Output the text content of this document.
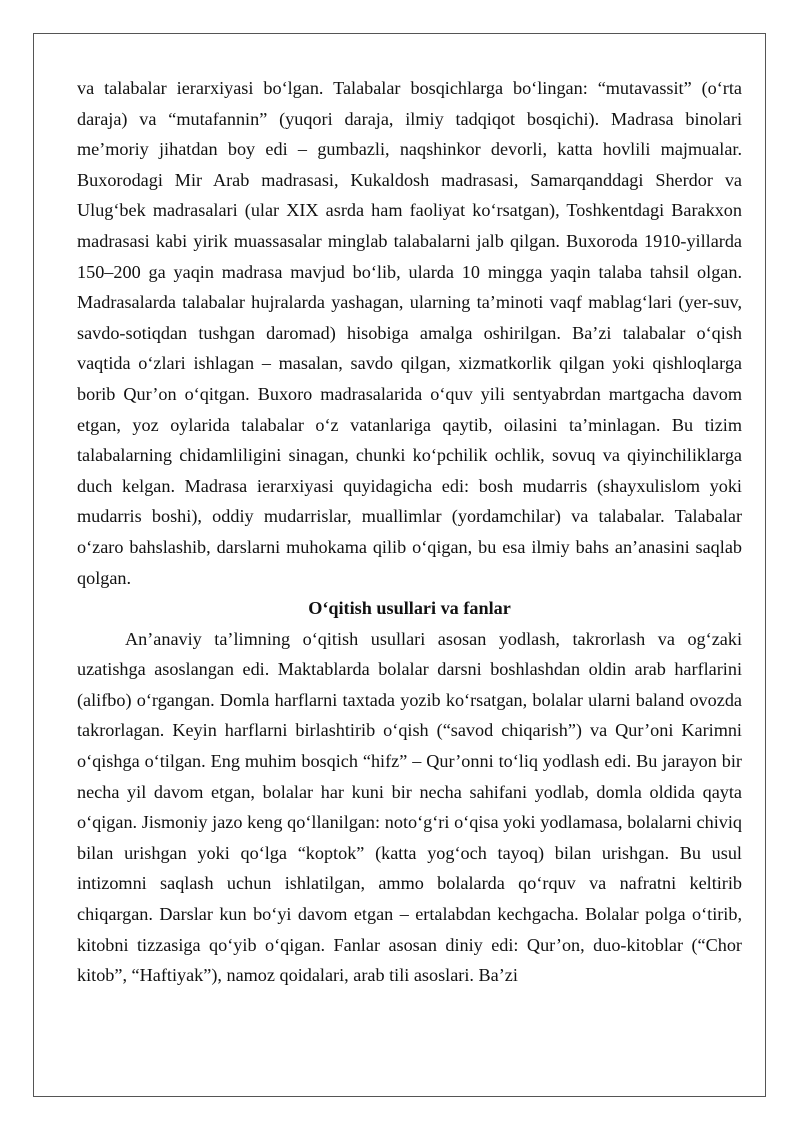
va talabalar ierarxiyasi bo‘lgan. Talabalar bosqichlarga bo‘lingan: “mutavassit” (o‘rta daraja) va “mutafannin” (yuqori daraja, ilmiy tadqiqot bosqichi). Madrasa binolari me’moriy jihatdan boy edi – gumbazli, naqshinkor devorli, katta hovlili majmualar. Buxorodagi Mir Arab madrasasi, Kukaldosh madrasasi, Samarqanddagi Sherdor va Ulug‘bek madrasalari (ular XIX asrda ham faoliyat ko‘rsatgan), Toshkentdagi Barakxon madrasasi kabi yirik muassasalar minglab talabalarni jalb qilgan. Buxoroda 1910-yillarda 150–200 ga yaqin madrasa mavjud bo‘lib, ularda 10 mingga yaqin talaba tahsil olgan. Madrasalarda talabalar hujralarda yashagan, ularning ta’minoti vaqf mablag‘lari (yer-suv, savdo-sotiqdan tushgan daromad) hisobiga amalga oshirilgan. Ba’zi talabalar o‘qish vaqtida o‘zlari ishlagan – masalan, savdo qilgan, xizmatkorlik qilgan yoki qishloqlarga borib Qur’on o‘qitgan. Buxoro madrasalarida o‘quv yili sentyabrdan martgacha davom etgan, yoz oylarida talabalar o‘z vatanlariga qaytib, oilasini ta’minlagan. Bu tizim talabalarning chidamliligini sinagan, chunki ko‘pchilik ochlik, sovuq va qiyinchiliklarga duch kelgan. Madrasa ierarxiyasi quyidagicha edi: bosh mudarris (shayxulislom yoki mudarris boshi), oddiy mudarrislar, muallimlar (yordamchilar) va talabalar. Talabalar o‘zaro bahslashib, darslarni muhokama qilib o‘qigan, bu esa ilmiy bahs an’anasini saqlab qolgan.

O‘qitish usullari va fanlar

An’anaviy ta’limning o‘qitish usullari asosan yodlash, takrorlash va og‘zaki uzatishga asoslangan edi. Maktablarda bolalar darsni boshlashdan oldin arab harflarini (alifbo) o‘rgangan. Domla harflarni taxtada yozib ko‘rsatgan, bolalar ularni baland ovozda takrorlagan. Keyin harflarni birlashtirib o‘qish (“savod chiqarish”) va Qur’oni Karimni o‘qishga o‘tilgan. Eng muhim bosqich “hifz” – Qur’onni to‘liq yodlash edi. Bu jarayon bir necha yil davom etgan, bolalar har kuni bir necha sahifani yodlab, domla oldida qayta o‘qigan. Jismoniy jazo keng qo‘llanilgan: noto‘g‘ri o‘qisa yoki yodlamasa, bolalarni chiviq bilan urishgan yoki qo‘lga “koptok” (katta yog‘och tayoq) bilan urishgan. Bu usul intizomni saqlash uchun ishlatilgan, ammo bolalarda qo‘rquv va nafratni keltirib chiqargan. Darslar kun bo‘yi davom etgan – ertalabdan kechgacha. Bolalar polga o‘tirib, kitobni tizzasiga qo‘yib o‘qigan. Fanlar asosan diniy edi: Qur’on, duo-kitoblar (“Chor kitob”, “Haftiyak”), namoz qoidalari, arab tili asoslari. Ba’zi
